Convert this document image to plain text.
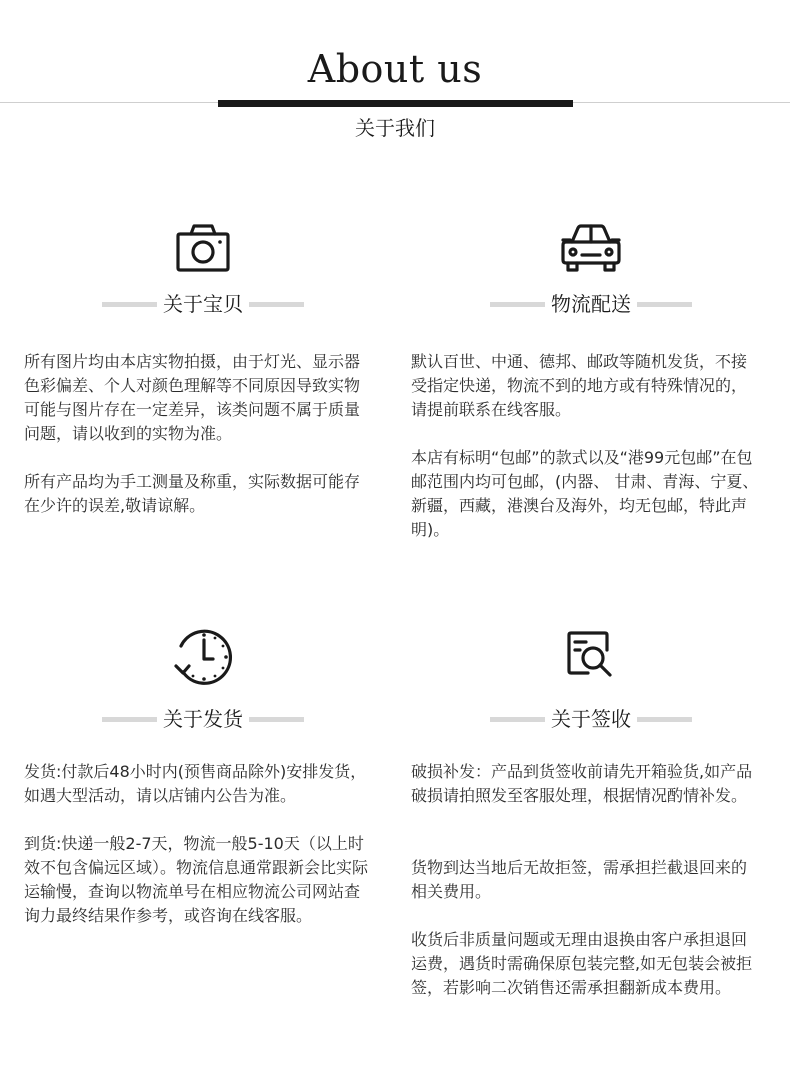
About us
关于我们
关于宝贝

所有图片均由本店实物拍摄，由于灯光、显示器色彩偏差、个人对颜色理解等不同原因导致实物可能与图片存在一定差异，该类问题不属于质量问题，请以收到的实物为准。

所有产品均为手工测量及称重，实际数据可能存在少许的误差,敬请谅解。

物流配送

默认百世、中通、德邦、邮政等随机发货，不接受指定快递，物流不到的地方或有特殊情况的，请提前联系在线客服。

本店有标明“包邮”的款式以及“港99元包邮”在包邮范围内均可包邮，(内器、 甘肃、青海、宁夏、新疆，西藏，港澳台及海外，均无包邮，特此声明)。

关于发货

发货:付款后48小时内(预售商品除外)安排发货，如遇大型活动，请以店铺内公告为准。

到货:快递一般2-7天，物流一般5-10天（以上时效不包含偏远区域）。物流信息通常跟新会比实际运输慢，查询以物流单号在相应物流公司网站查询力最终结果作参考，或咨询在线客服。

关于签收

破损补发：产品到货签收前请先开箱验货,如产品破损请拍照发至客服处理，根据情况酌情补发。

货物到达当地后无故拒签，需承担拦截退回来的相关费用。

收货后非质量问题或无理由退换由客户承担退回运费，遇货时需确保原包装完整,如无包装会被拒签，若影响二次销售还需承担翻新成本费用。
